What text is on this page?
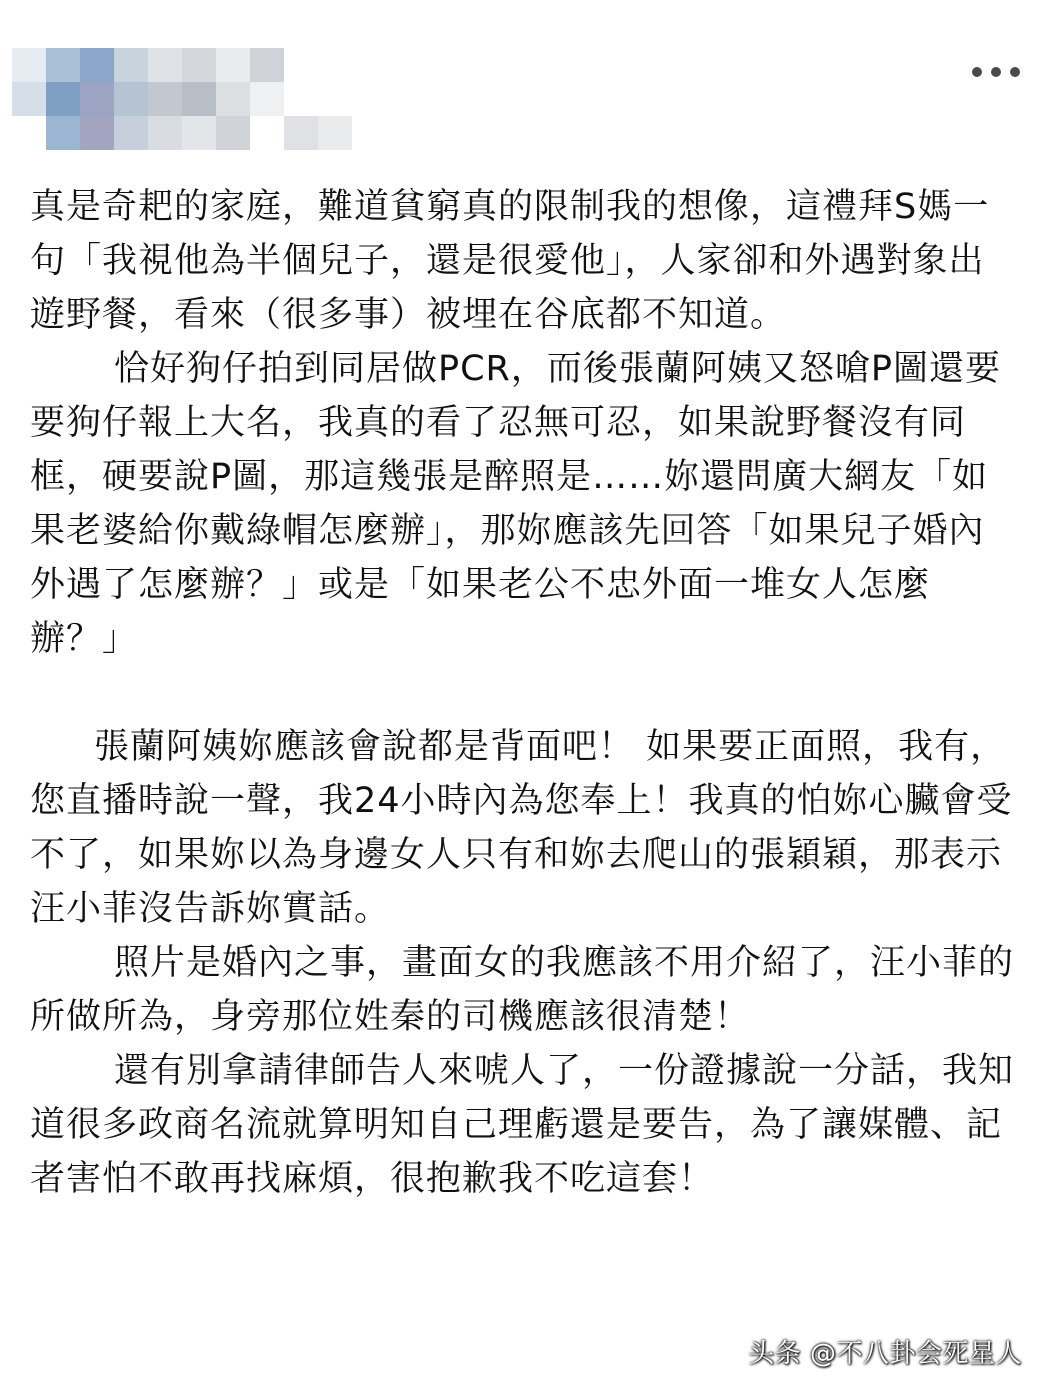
真是奇耙的家庭，難道貧窮真的限制我的想像，這禮拜S媽一句「我視他為半個兒子，還是很愛他」，人家卻和外遇對象出遊野餐，看來（很多事）被埋在谷底都不知道。

恰好狗仔拍到同居做PCR，而後張蘭阿姨又怒嗆P圖還要要狗仔報上大名，我真的看了忍無可忍，如果說野餐沒有同框，硬要說P圖，那這幾張是醉照是……妳還問廣大網友「如果老婆給你戴綠帽怎麼辦」，那妳應該先回答「如果兒子婚內外遇了怎麼辦？」或是「如果老公不忠外面一堆女人怎麼辦？」

張蘭阿姨妳應該會說都是背面吧！ 如果要正面照，我有，您直播時說一聲，我24小時內為您奉上！我真的怕妳心臟會受不了，如果妳以為身邊女人只有和妳去爬山的張穎穎，那表示汪小菲沒告訴妳實話。

照片是婚內之事，畫面女的我應該不用介紹了，汪小菲的所做所為，身旁那位姓秦的司機應該很清楚！

還有別拿請律師告人來唬人了，一份證據說一分話，我知道很多政商名流就算明知自己理虧還是要告，為了讓媒體、記者害怕不敢再找麻煩，很抱歉我不吃這套！

头条 @不八卦会死星人
